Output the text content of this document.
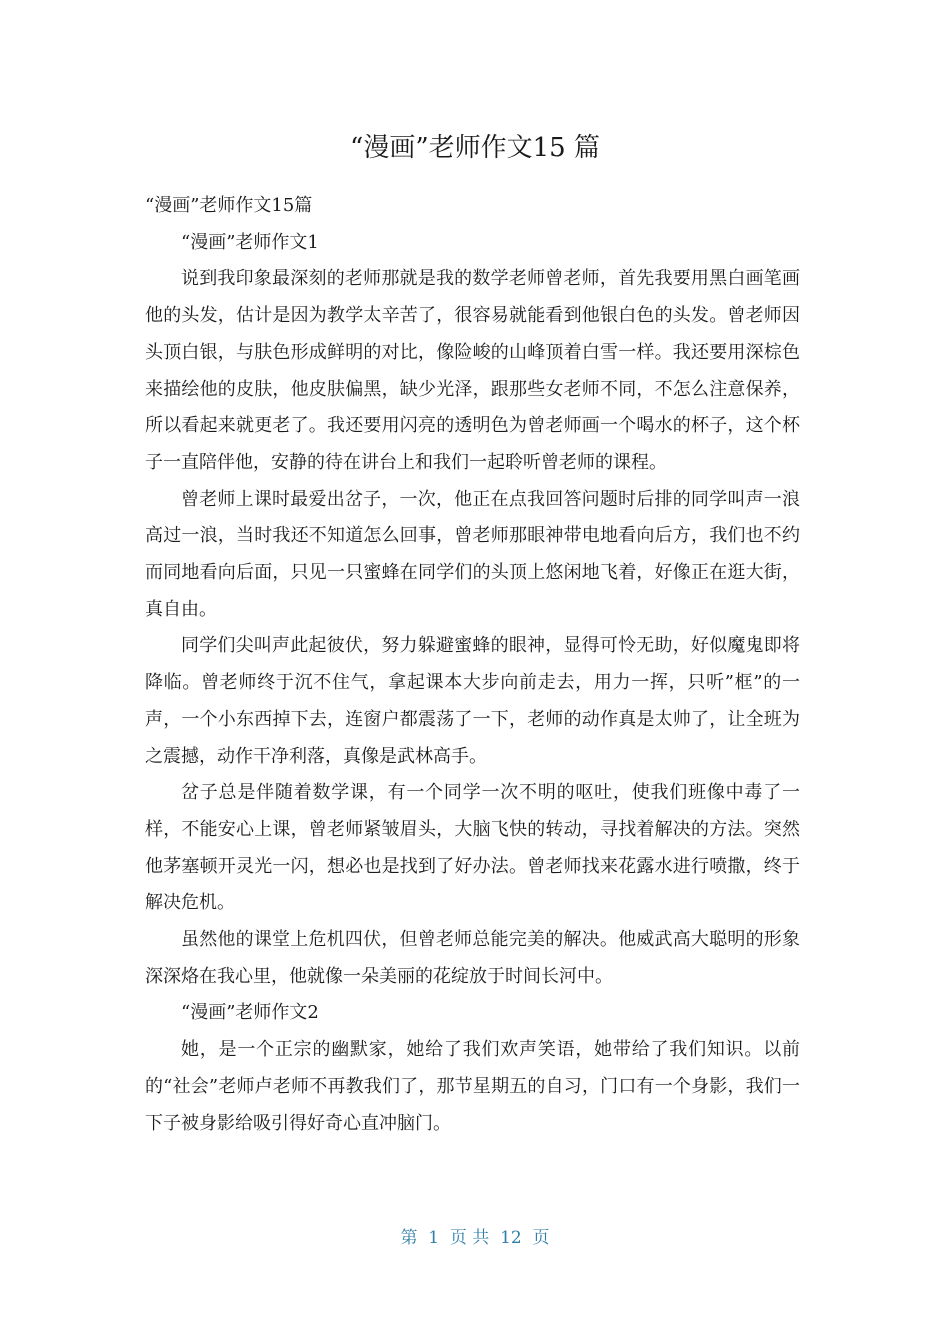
“漫画”老师作文15 篇

“漫画”老师作文15篇

“漫画”老师作文1

说到我印象最深刻的老师那就是我的数学老师曾老师，首先我要用黑白画笔画他的头发，估计是因为教学太辛苦了，很容易就能看到他银白色的头发。曾老师因头顶白银，与肤色形成鲜明的对比，像险峻的山峰顶着白雪一样。我还要用深棕色来描绘他的皮肤，他皮肤偏黑，缺少光泽，跟那些女老师不同，不怎么注意保养，所以看起来就更老了。我还要用闪亮的透明色为曾老师画一个喝水的杯子，这个杯子一直陪伴他，安静的待在讲台上和我们一起聆听曾老师的课程。

曾老师上课时最爱出岔子，一次，他正在点我回答问题时后排的同学叫声一浪高过一浪，当时我还不知道怎么回事，曾老师那眼神带电地看向后方，我们也不约而同地看向后面，只见一只蜜蜂在同学们的头顶上悠闲地飞着，好像正在逛大街，真自由。

同学们尖叫声此起彼伏，努力躲避蜜蜂的眼神，显得可怜无助，好似魔鬼即将降临。曾老师终于沉不住气，拿起课本大步向前走去，用力一挥，只听”框”的一声，一个小东西掉下去，连窗户都震荡了一下，老师的动作真是太帅了，让全班为之震撼，动作干净利落，真像是武林高手。

岔子总是伴随着数学课，有一个同学一次不明的呕吐，使我们班像中毒了一样，不能安心上课，曾老师紧皱眉头，大脑飞快的转动，寻找着解决的方法。突然他茅塞顿开灵光一闪，想必也是找到了好办法。曾老师找来花露水进行喷撒，终于解决危机。

虽然他的课堂上危机四伏，但曾老师总能完美的解决。他威武高大聪明的形象深深烙在我心里，他就像一朵美丽的花绽放于时间长河中。

“漫画”老师作文2

她，是一个正宗的幽默家，她给了我们欢声笑语，她带给了我们知识。以前的“社会”老师卢老师不再教我们了，那节星期五的自习，门口有一个身影，我们一下子被身影给吸引得好奇心直冲脑门。

第  1  页 共  12  页
